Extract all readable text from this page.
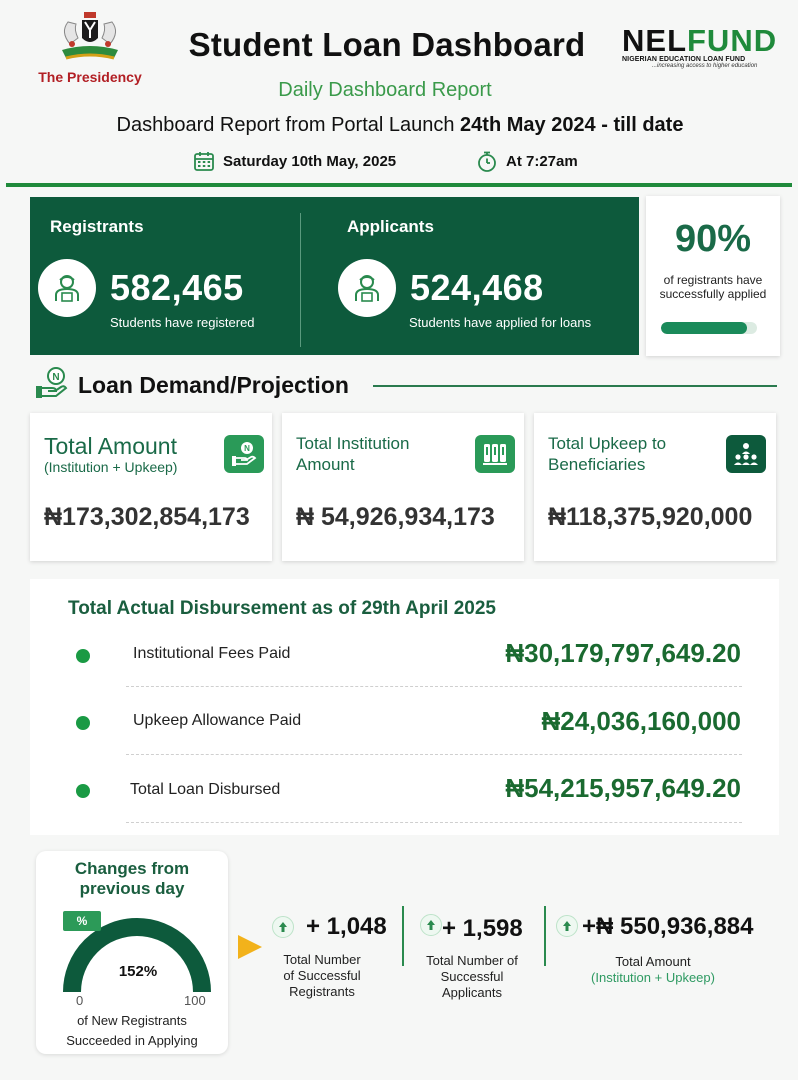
The Presidency
Student Loan Dashboard
Daily Dashboard Report
Dashboard Report from Portal Launch 24th May 2024 - till date
Saturday 10th May, 2025	At 7:27am
NELFUND
NIGERIAN EDUCATION LOAN FUND
...increasing access to higher education
Registrants
582,465
Students have registered
Applicants
524,468
Students have applied for loans
90%
of registrants have successfully applied
N Loan Demand/Projection
Total Amount
(Institution + Upkeep)
N
₦173,302,854,173
Total Institution
Amount
₦ 54,926,934,173
Total Upkeep to
Beneficiaries
₦118,375,920,000
Total Actual Disbursement as of 29th April 2025
Institutional Fees Paid	₦30,179,797,649.20
Upkeep Allowance Paid	₦24,036,160,000
Total Loan Disbursed	₦54,215,957,649.20
Changes from
previous day
%
152%
0	100
of New Registrants
Succeeded in Applying
+ 1,048
Total Number
of Successful
Registrants
+ 1,598
Total Number of
Successful
Applicants
+₦ 550,936,884
Total Amount
(Institution + Upkeep)
